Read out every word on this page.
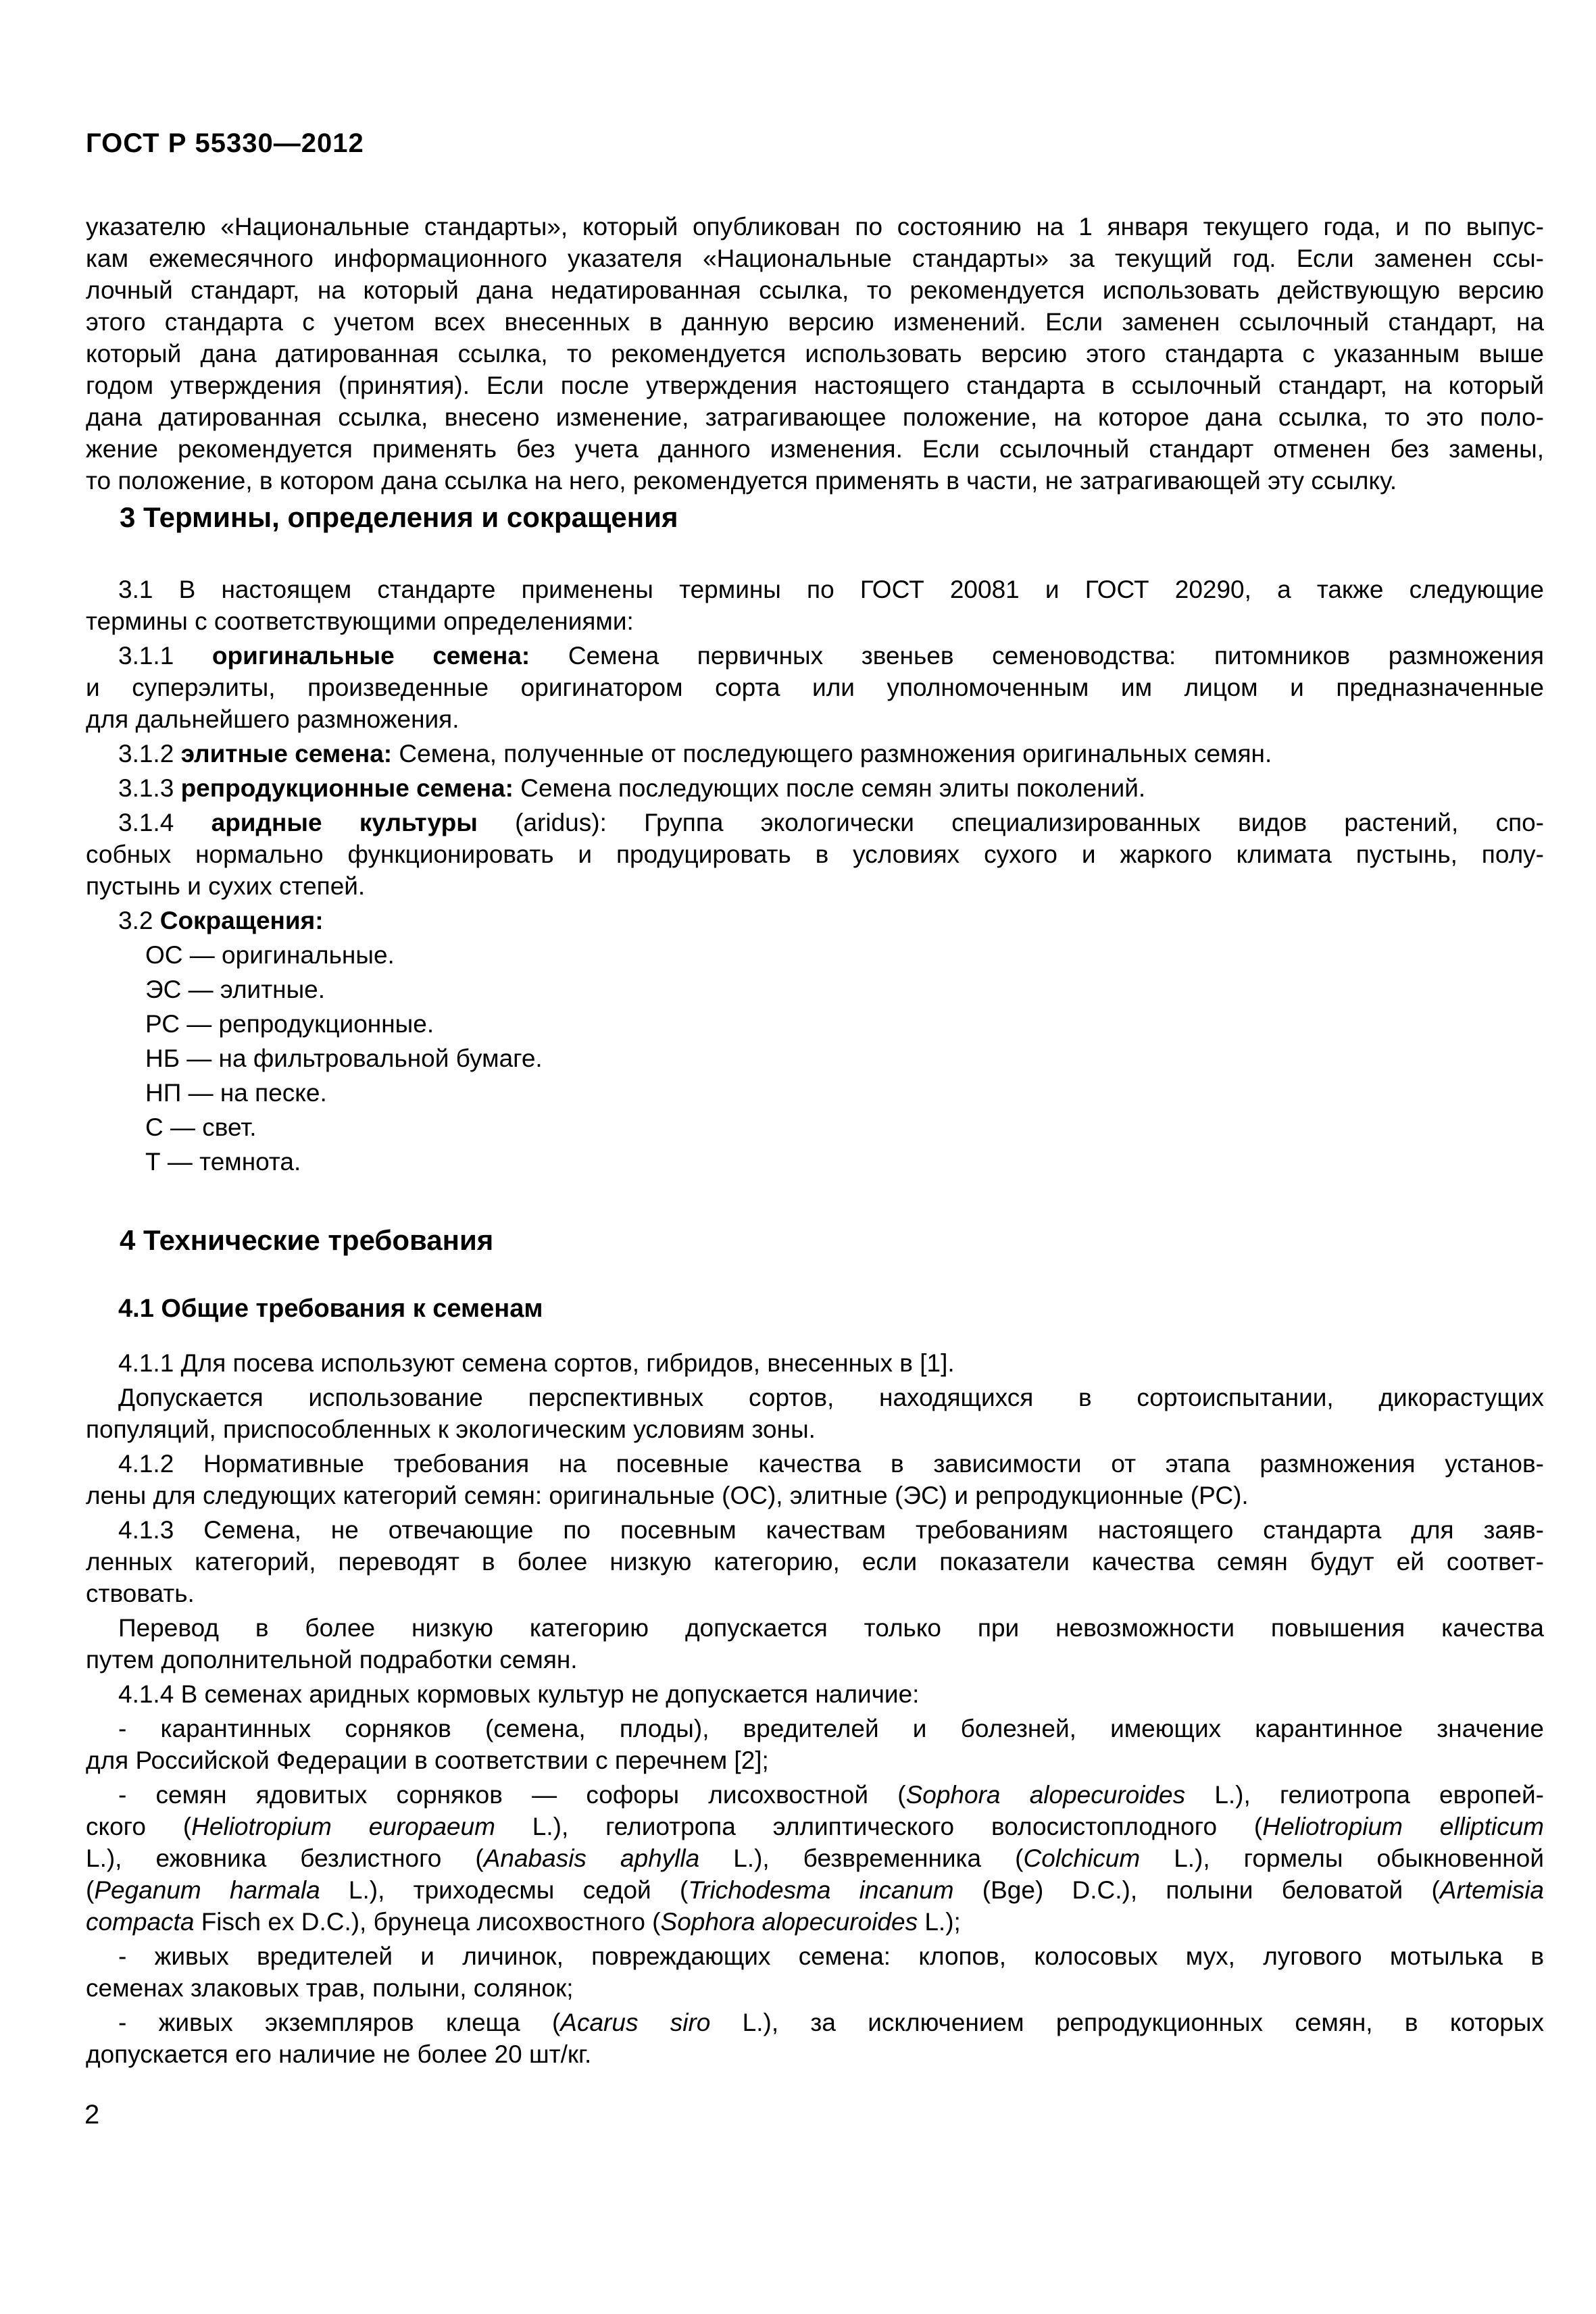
ГОСТ Р 55330—2012
указателю «Национальные стандарты», который опубликован по состоянию на 1 января текущего года, и по выпус-
кам ежемесячного информационного указателя «Национальные стандарты» за текущий год. Если заменен ссы-
лочный стандарт, на который дана недатированная ссылка, то рекомендуется использовать действующую версию
этого стандарта с учетом всех внесенных в данную версию изменений. Если заменен ссылочный стандарт, на
который дана датированная ссылка, то рекомендуется использовать версию этого стандарта с указанным выше
годом утверждения (принятия). Если после утверждения настоящего стандарта в ссылочный стандарт, на который
дана датированная ссылка, внесено изменение, затрагивающее положение, на которое дана ссылка, то это поло-
жение рекомендуется применять без учета данного изменения. Если ссылочный стандарт отменен без замены,
то положение, в котором дана ссылка на него, рекомендуется применять в части, не затрагивающей эту ссылку.
3 Термины, определения и сокращения
3.1 В настоящем стандарте применены термины по ГОСТ 20081 и ГОСТ 20290, а также следующие
термины с соответствующими определениями:
3.1.1 оригинальные семена: Семена первичных звеньев семеноводства: питомников размножения
и суперэлиты, произведенные оригинатором сорта или уполномоченным им лицом и предназначенные
для дальнейшего размножения.
3.1.2 элитные семена: Семена, полученные от последующего размножения оригинальных семян.
3.1.3 репродукционные семена: Семена последующих после семян элиты поколений.
3.1.4 аридные культуры (aridus): Группа экологически специализированных видов растений, спо-
собных нормально функционировать и продуцировать в условиях сухого и жаркого климата пустынь, полу-
пустынь и сухих степей.
3.2 Сокращения:
ОС — оригинальные.
ЭС — элитные.
РС — репродукционные.
НБ — на фильтровальной бумаге.
НП — на песке.
С — свет.
Т — темнота.
4 Технические требования
4.1 Общие требования к семенам
4.1.1 Для посева используют семена сортов, гибридов, внесенных в [1].
Допускается использование перспективных сортов, находящихся в сортоиспытании, дикорастущих
популяций, приспособленных к экологическим условиям зоны.
4.1.2 Нормативные требования на посевные качества в зависимости от этапа размножения установ-
лены для следующих категорий семян: оригинальные (ОС), элитные (ЭС) и репродукционные (РС).
4.1.3 Семена, не отвечающие по посевным качествам требованиям настоящего стандарта для заяв-
ленных категорий, переводят в более низкую категорию, если показатели качества семян будут ей соответ-
ствовать.
Перевод в более низкую категорию допускается только при невозможности повышения качества
путем дополнительной подработки семян.
4.1.4 В семенах аридных кормовых культур не допускается наличие:
- карантинных сорняков (семена, плоды), вредителей и болезней, имеющих карантинное значение
для Российской Федерации в соответствии с перечнем [2];
- семян ядовитых сорняков — софоры лисохвостной (Sophora alopecuroides L.), гелиотропа европей-
ского (Heliotropium europaeum L.), гелиотропа эллиптического волосистоплодного (Heliotropium ellipticum
L.), ежовника безлистного (Anabasis aphylla L.), безвременника (Colchicum L.), гормелы обыкновенной
(Peganum harmala L.), триходесмы седой (Trichodesma incanum (Bge) D.C.), полыни беловатой (Artemisia
compacta Fisch ex D.C.), брунеца лисохвостного (Sophora alopecuroides L.);
- живых вредителей и личинок, повреждающих семена: клопов, колосовых мух, лугового мотылька в
семенах злаковых трав, полыни, солянок;
- живых экземпляров клеща (Acarus siro L.), за исключением репродукционных семян, в которых
допускается его наличие не более 20 шт/кг.
2
